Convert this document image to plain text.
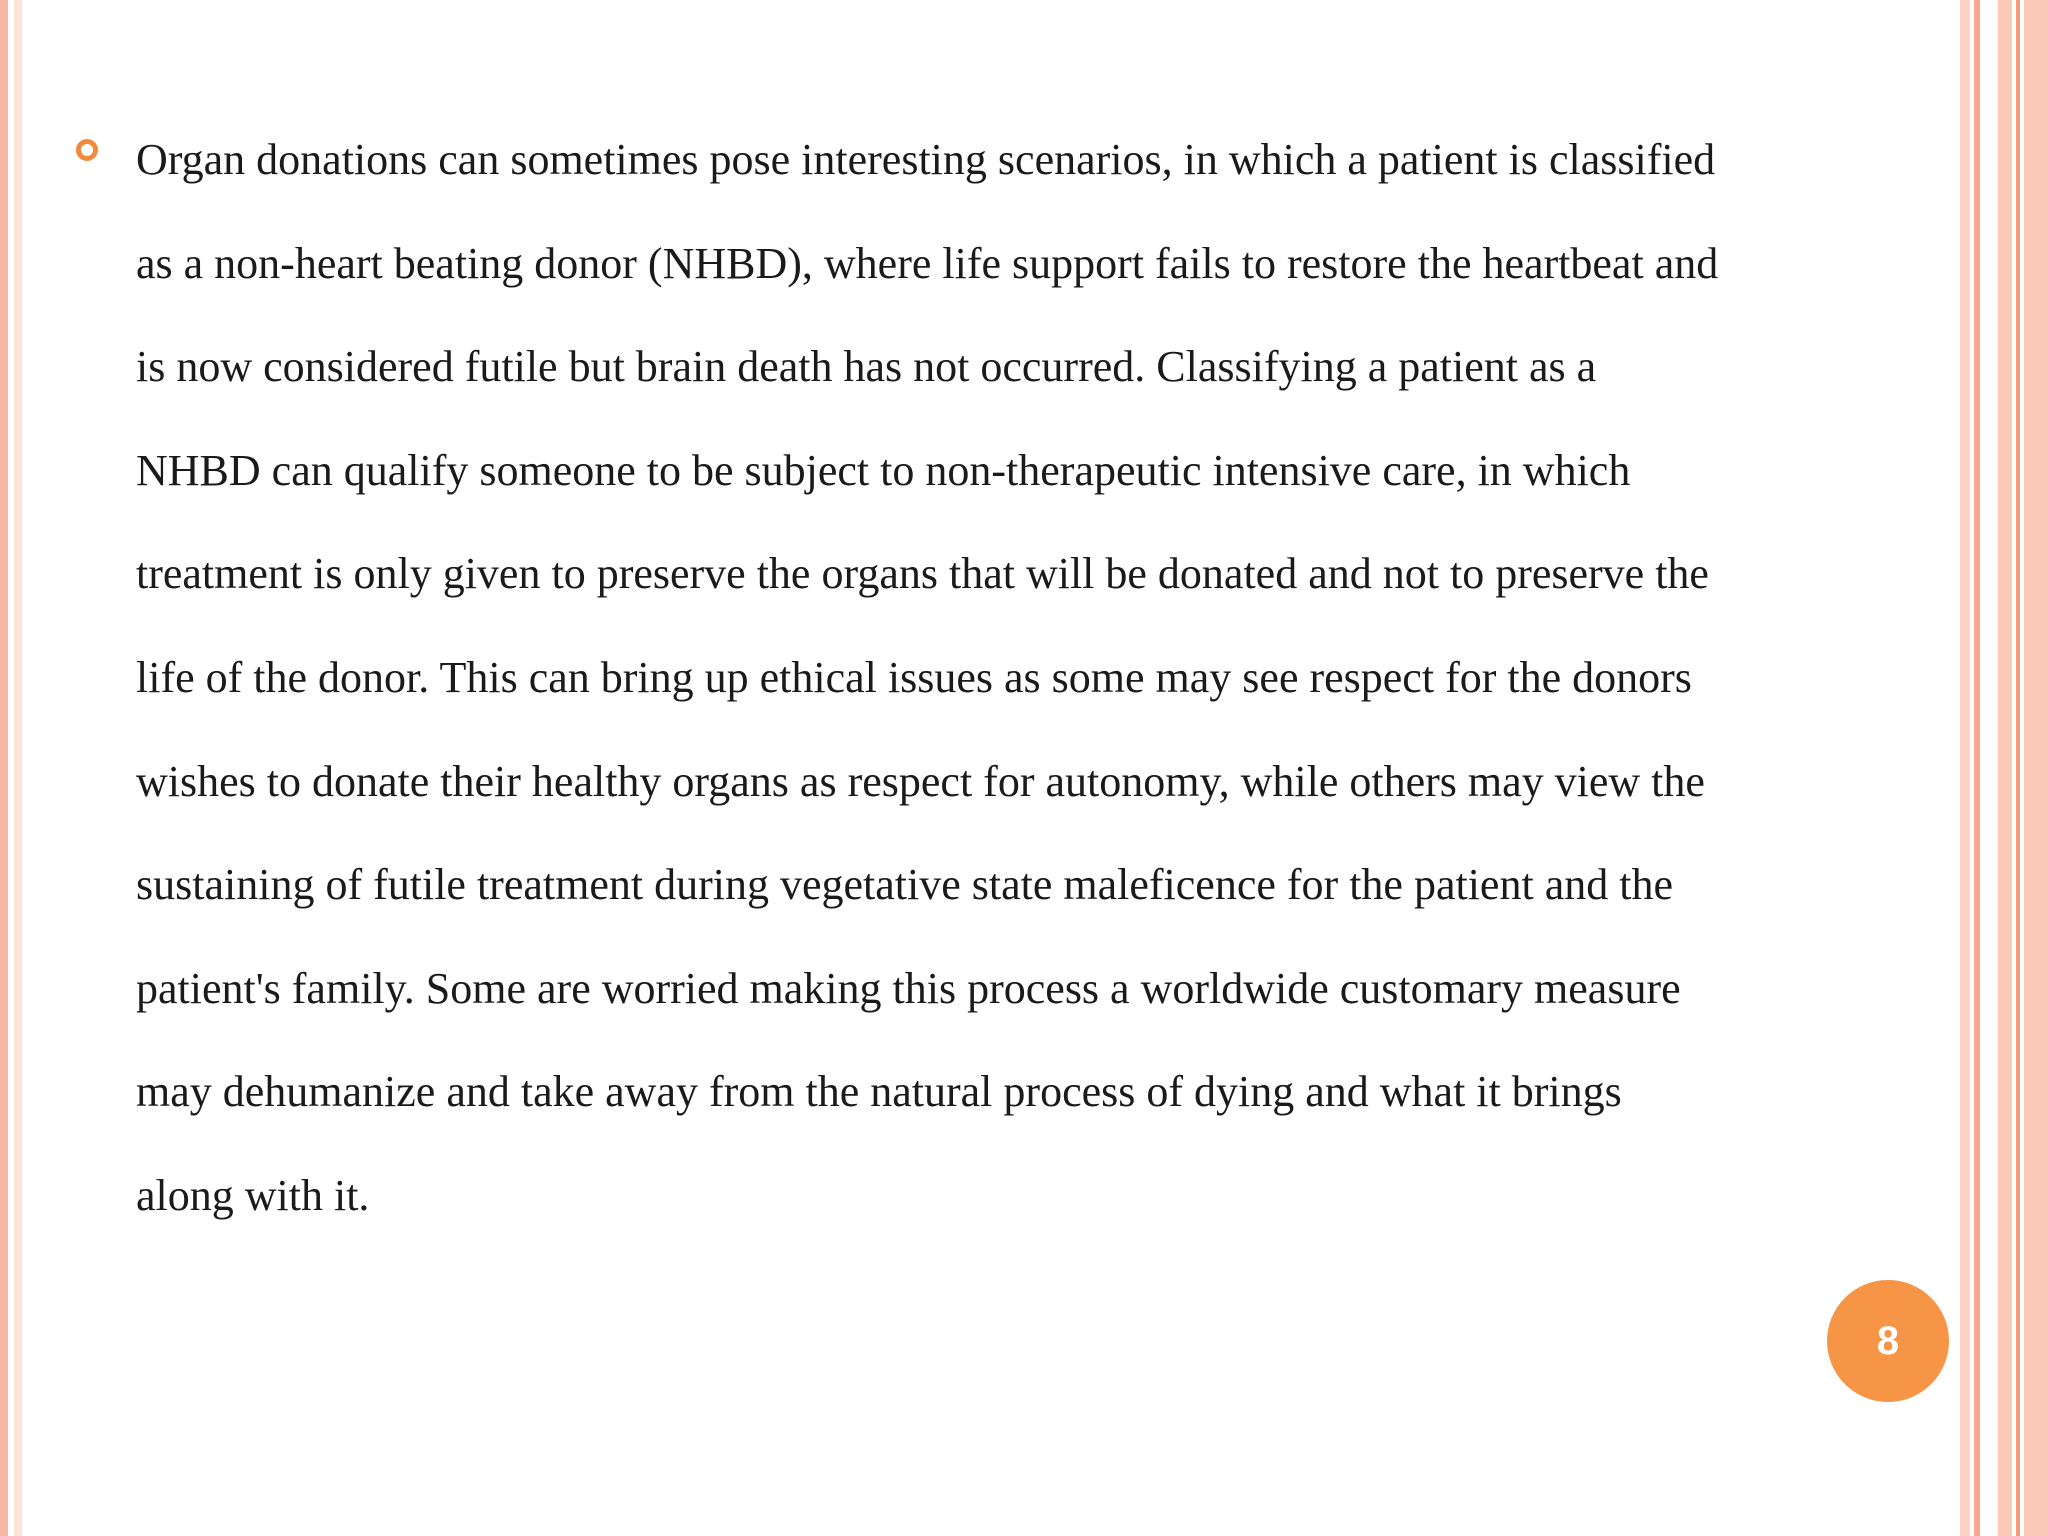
Organ donations can sometimes pose interesting scenarios, in which a patient is classified as a non-heart beating donor (NHBD), where life support fails to restore the heartbeat and is now considered futile but brain death has not occurred. Classifying a patient as a NHBD can qualify someone to be subject to non-therapeutic intensive care, in which treatment is only given to preserve the organs that will be donated and not to preserve the life of the donor. This can bring up ethical issues as some may see respect for the donors wishes to donate their healthy organs as respect for autonomy, while others may view the sustaining of futile treatment during vegetative state maleficence for the patient and the patient's family. Some are worried making this process a worldwide customary measure may dehumanize and take away from the natural process of dying and what it brings along with it.
8
